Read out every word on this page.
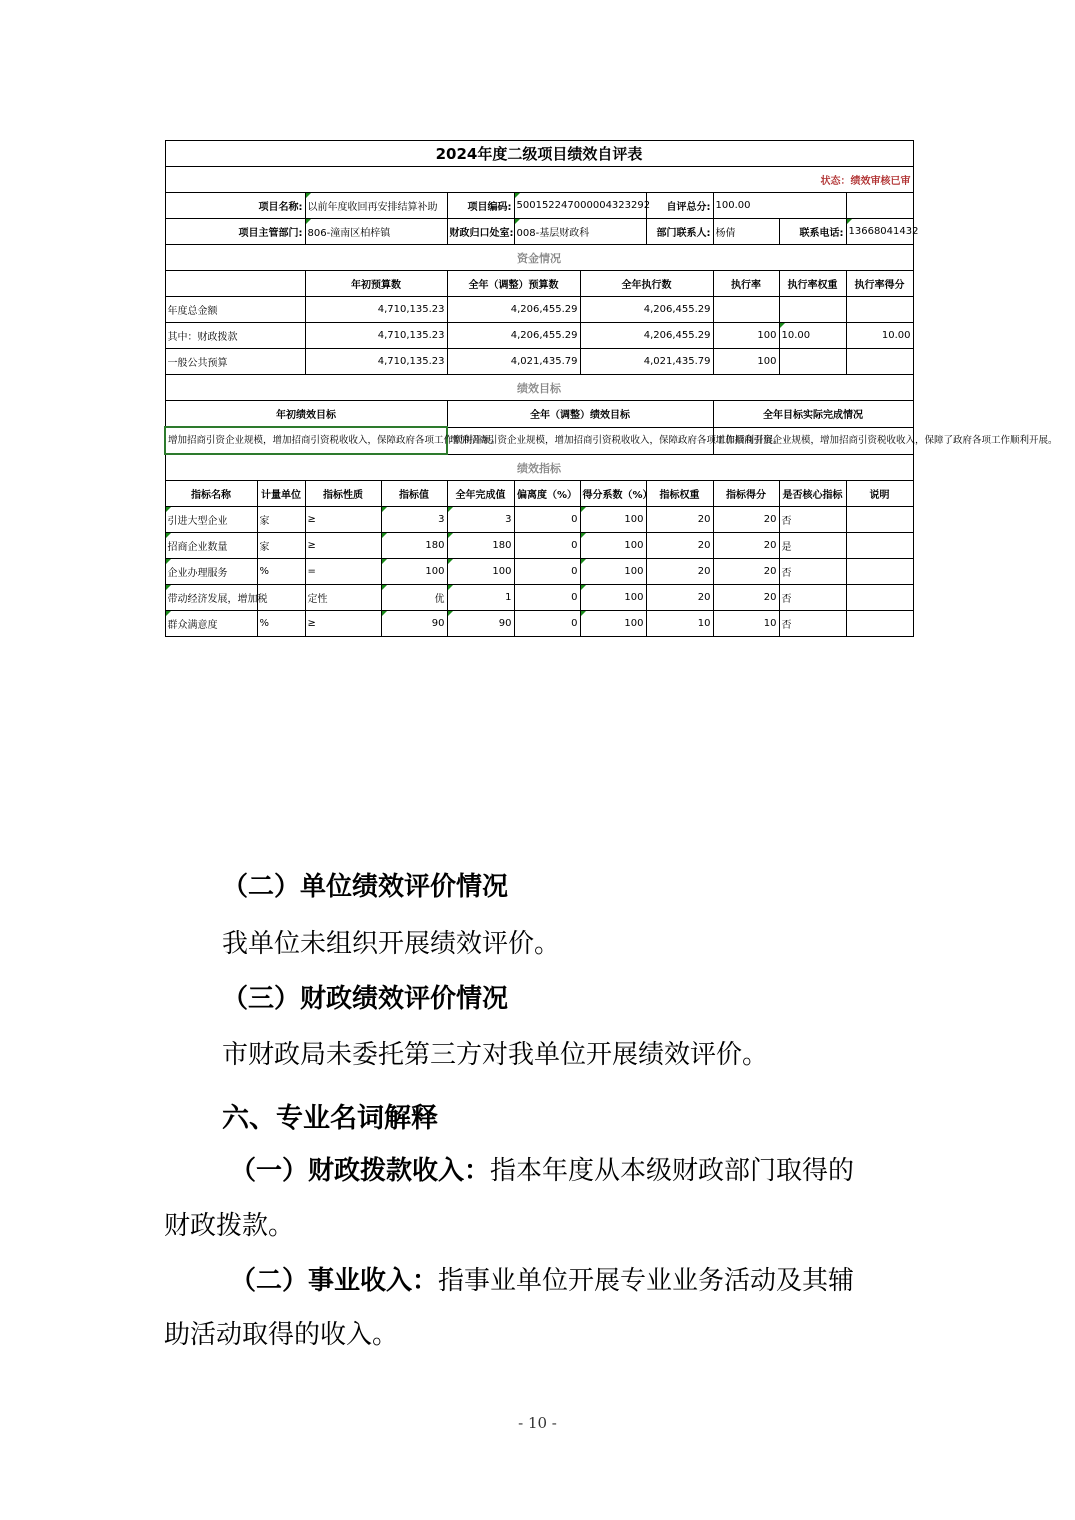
2024年度二级项目绩效自评表										
状态：绩效审核已审										
项目名称:		以前年度收回再安排结算补助		项目编码:	500152247000004323292		自评总分:	100.00		
项目主管部门:		806-潼南区柏梓镇		财政归口处室:	008-基层财政科		部门联系人:	杨倩	联系电话:	13668041432
资金情况										
		年初预算数		全年（调整）预算数		全年执行数		执行率	执行率权重	执行率得分
年度总金额		4,710,135.23		4,206,455.29		4,206,455.29				
其中：财政拨款		4,710,135.23		4,206,455.29		4,206,455.29		100	10.00	10.00
一般公共预算		4,710,135.23		4,021,435.79		4,021,435.79		100		
绩效目标										
年初绩效目标				全年（调整）绩效目标				全年目标实际完成情况		
增加招商引资企业规模，增加招商引资税收收入，保障政府各项工作顺利开展。				增加招商引资企业规模，增加招商引资税收收入，保障政府各项工作顺利开展。				增加招商引资企业规模，增加招商引资税收收入，保障了政府各项工作顺利开展。		
绩效指标										
指标名称	计量单位	指标性质	指标值	全年完成值	偏离度（%）	得分系数（%）	指标权重	指标得分	是否核心指标	说明
引进大型企业	家	≥	3	3	0	100	20	20	否	
招商企业数量	家	≥	180	180	0	100	20	20	是	
企业办理服务	%	=	100	100	0	100	20	20	否	
带动经济发展，增加税		定性	优	1	0	100	20	20	否	
群众满意度	%	≥	90	90	0	100	10	10	否	
（二）单位绩效评价情况
我单位未组织开展绩效评价。
（三）财政绩效评价情况
市财政局未委托第三方对我单位开展绩效评价。
六、专业名词解释
（一）财政拨款收入：指本年度从本级财政部门取得的
财政拨款。
（二）事业收入：指事业单位开展专业业务活动及其辅
助活动取得的收入。
- 10 -
